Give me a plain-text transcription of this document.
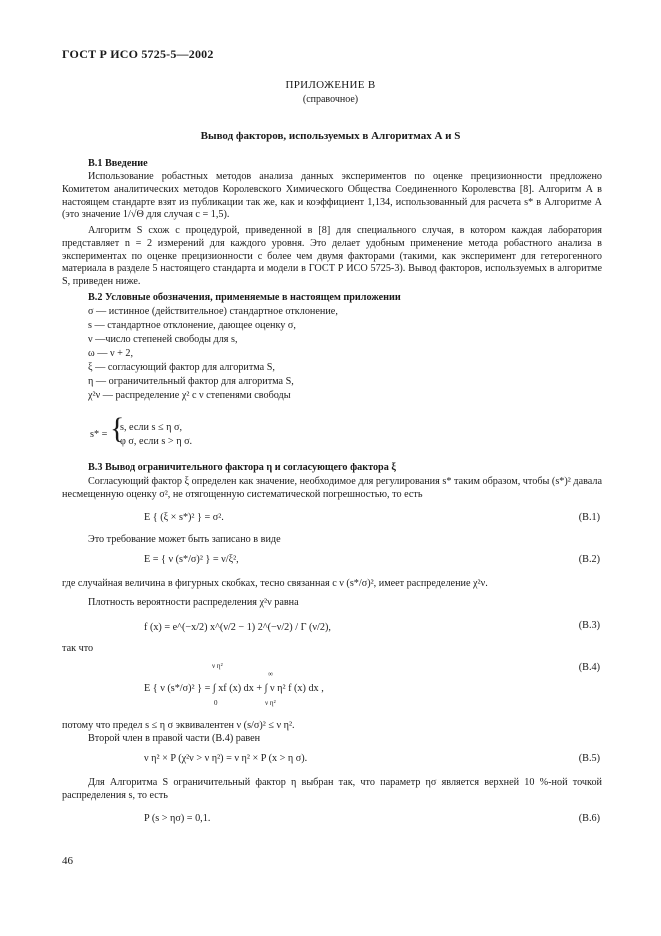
ГОСТ Р ИСО 5725-5—2002
ПРИЛОЖЕНИЕ В
(справочное)
Вывод факторов, используемых в Алгоритмах А и S
В.1 Введение
Использование робастных методов анализа данных экспериментов по оценке прецизионности предложено Комитетом аналитических методов Королевского Химического Общества Соединенного Королевства [8]. Алгоритм А в настоящем стандарте взят из публикации так же, как и коэффициент 1,134, использованный для расчета s* в Алгоритме А (это значение 1/√Θ для случая c = 1,5).
Алгоритм S схож с процедурой, приведенной в [8] для специального случая, в котором каждая лаборатория представляет n = 2 измерений для каждого уровня. Это делает удобным применение метода робастного анализа в экспериментах по оценке прецизионности с более чем двумя факторами (такими, как эксперимент для гетерогенного материала в разделе 5 настоящего стандарта и модели в ГОСТ Р ИСО 5725-3). Вывод факторов, используемых в алгоритме S, приведен ниже.
В.2 Условные обозначения, применяемые в настоящем приложении
σ — истинное (действительное) стандартное отклонение,
s — стандартное отклонение, дающее оценку σ,
ν —число степеней свободы для s,
ω — ν + 2,
ξ — согласующий фактор для алгоритма S,
η — ограничительный фактор для алгоритма S,
χ²ν — распределение χ² с ν степенями свободы
s* = {
s, если s ≤ η σ,
φ σ, если s > η σ.
В.3 Вывод ограничительного фактора η и согласующего фактора ξ
Согласующий фактор ξ определен как значение, необходимое для регулирования s* таким образом, чтобы (s*)² давала несмещенную оценку σ², не отягощенную систематической погрешностью, то есть
E { (ξ × s*)² } = σ².	(В.1)
Это требование может быть записано в виде
E = { ν (s*/σ)² } = ν/ξ²,	(В.2)
где случайная величина в фигурных скобках, тесно связанная с ν (s*/σ)², имеет распределение χ²ν.
Плотность вероятности распределения χ²ν равна
f (x) = e^(−x/2) x^(ν/2 − 1) 2^(−ν/2) / Γ (ν/2),	(В.3)
так что
ν η²
∞
E { ν (s*/σ)² } = ∫ xf (x) dx + ∫ ν η² f (x) dx ,
0	ν η²
(В.4)
потому что предел s ≤ η σ эквивалентен ν (s/σ)² ≤ ν η².
Второй член в правой части (В.4) равен
ν η² × P (χ²ν > ν η²) = ν η² × P (x > η σ).	(В.5)
Для Алгоритма S ограничительный фактор η выбран так, что параметр ησ является верхней 10 %-ной точкой распределения s, то есть
P (s > ησ) = 0,1.	(В.6)
46
